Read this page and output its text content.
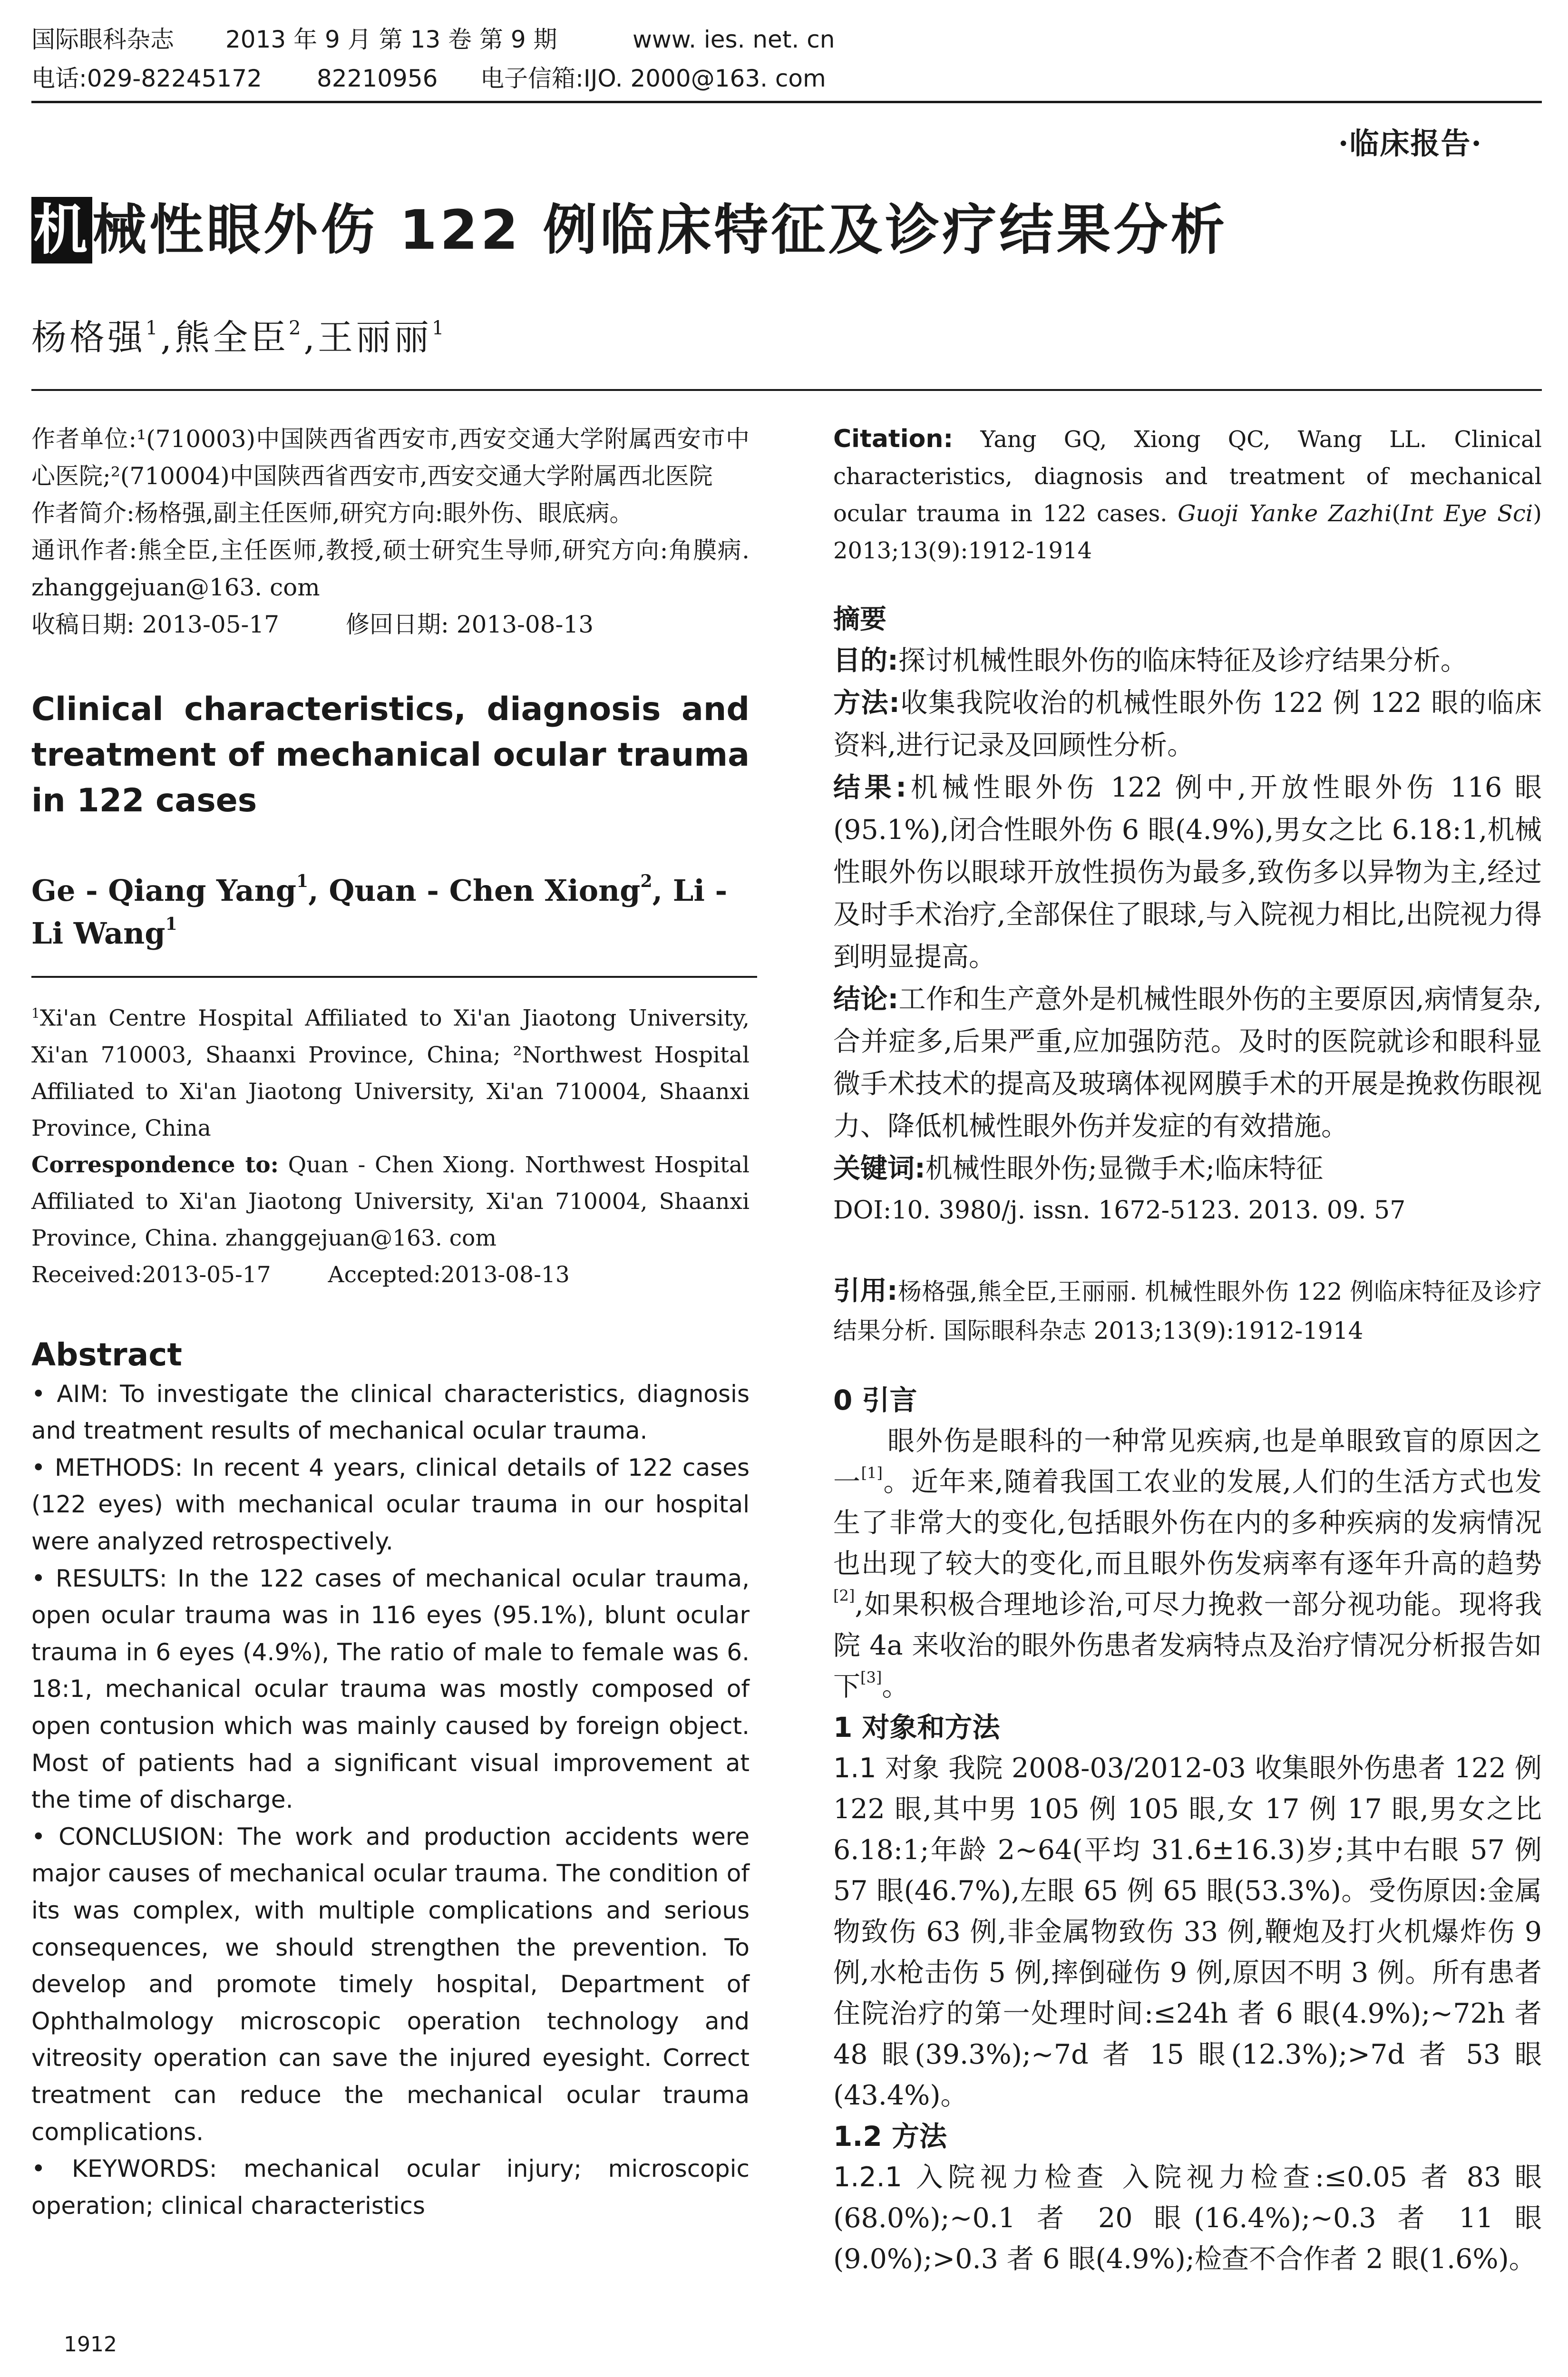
国际眼科杂志 2013 年 9 月 第 13 卷 第 9 期	www. ies. net. cn
电话:029-82245172 82210956 电子信箱:IJO. 2000@163. com
·临床报告·
机械性眼外伤 122 例临床特征及诊疗结果分析
杨格强$^1$,熊全臣$^2$,王丽丽$^1$

作者单位:¹(710003)中国陕西省西安市,西安交通大学附属西安市中心医院;²(710004)中国陕西省西安市,西安交通大学附属西北医院

作者简介:杨格强,副主任医师,研究方向:眼外伤、眼底病。

通讯作者:熊全臣,主任医师,教授,硕士研究生导师,研究方向:角膜病. zhanggejuan@163. com

收稿日期: 2013-05-17	修回日期: 2013-08-13

Clinical characteristics, diagnosis and treatment of mechanical ocular trauma in 122 cases
Ge - Qiang Yang$^1$, Quan - Chen Xiong$^2$, Li - Li Wang$^1$

$^1$Xi'an Centre Hospital Affiliated to Xi'an Jiaotong University, Xi'an 710003, Shaanxi Province, China; ²Northwest Hospital Affiliated to Xi'an Jiaotong University, Xi'an 710004, Shaanxi Province, China

Correspondence to: Quan - Chen Xiong. Northwest Hospital Affiliated to Xi'an Jiaotong University, Xi'an 710004, Shaanxi Province, China. zhanggejuan@163. com

Received:2013-05-17	Accepted:2013-08-13

Abstract

• AIM: To investigate the clinical characteristics, diagnosis and treatment results of mechanical ocular trauma.

• METHODS: In recent 4 years, clinical details of 122 cases (122 eyes) with mechanical ocular trauma in our hospital were analyzed retrospectively.

• RESULTS: In the 122 cases of mechanical ocular trauma, open ocular trauma was in 116 eyes (95.1%), blunt ocular trauma in 6 eyes (4.9%), The ratio of male to female was 6. 18:1, mechanical ocular trauma was mostly composed of open contusion which was mainly caused by foreign object. Most of patients had a significant visual improvement at the time of discharge.

• CONCLUSION: The work and production accidents were major causes of mechanical ocular trauma. The condition of its was complex, with multiple complications and serious consequences, we should strengthen the prevention. To develop and promote timely hospital, Department of Ophthalmology microscopic operation technology and vitreosity operation can save the injured eyesight. Correct treatment can reduce the mechanical ocular trauma complications.

• KEYWORDS: mechanical ocular injury; microscopic operation; clinical characteristics

Citation: Yang GQ, Xiong QC, Wang LL. Clinical characteristics, diagnosis and treatment of mechanical ocular trauma in 122 cases. Guoji Yanke Zazhi(Int Eye Sci) 2013;13(9):1912-1914

摘要

目的:探讨机械性眼外伤的临床特征及诊疗结果分析。

方法:收集我院收治的机械性眼外伤 122 例 122 眼的临床资料,进行记录及回顾性分析。

结果:机械性眼外伤 122 例中,开放性眼外伤 116 眼(95.1%),闭合性眼外伤 6 眼(4.9%),男女之比 6.18:1,机械性眼外伤以眼球开放性损伤为最多,致伤多以异物为主,经过及时手术治疗,全部保住了眼球,与入院视力相比,出院视力得到明显提高。

结论:工作和生产意外是机械性眼外伤的主要原因,病情复杂,合并症多,后果严重,应加强防范。及时的医院就诊和眼科显微手术技术的提高及玻璃体视网膜手术的开展是挽救伤眼视力、降低机械性眼外伤并发症的有效措施。

关键词:机械性眼外伤;显微手术;临床特征

DOI:10. 3980/j. issn. 1672-5123. 2013. 09. 57

引用:杨格强,熊全臣,王丽丽. 机械性眼外伤 122 例临床特征及诊疗结果分析. 国际眼科杂志 2013;13(9):1912-1914

0 引言

眼外伤是眼科的一种常见疾病,也是单眼致盲的原因之一[1]。近年来,随着我国工农业的发展,人们的生活方式也发生了非常大的变化,包括眼外伤在内的多种疾病的发病情况也出现了较大的变化,而且眼外伤发病率有逐年升高的趋势[2],如果积极合理地诊治,可尽力挽救一部分视功能。现将我院 4a 来收治的眼外伤患者发病特点及治疗情况分析报告如下[3]。

1 对象和方法

1.1 对象 我院 2008-03/2012-03 收集眼外伤患者 122 例 122 眼,其中男 105 例 105 眼,女 17 例 17 眼,男女之比 6.18:1;年龄 2~64(平均 31.6±16.3)岁;其中右眼 57 例 57 眼(46.7%),左眼 65 例 65 眼(53.3%)。受伤原因:金属物致伤 63 例,非金属物致伤 33 例,鞭炮及打火机爆炸伤 9 例,水枪击伤 5 例,摔倒碰伤 9 例,原因不明 3 例。所有患者住院治疗的第一处理时间:≤24h 者 6 眼(4.9%);~72h 者 48 眼(39.3%);~7d 者 15 眼(12.3%);>7d 者 53 眼(43.4%)。

1.2 方法

1.2.1 入院视力检查 入院视力检查:≤0.05 者 83 眼(68.0%);~0.1 者 20 眼(16.4%);~0.3 者 11 眼(9.0%);>0.3 者 6 眼(4.9%);检查不合作者 2 眼(1.6%)。

1912
